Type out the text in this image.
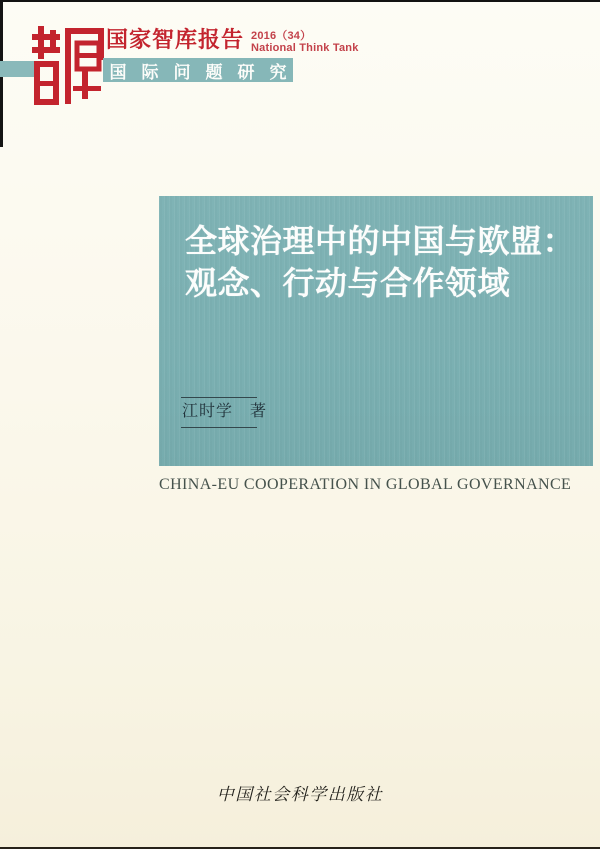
国家智库报告 2016（34）
National Think Tank
国际问题研究
全球治理中的中国与欧盟：
观念、行动与合作领域
江时学　著
CHINA-EU COOPERATION IN GLOBAL GOVERNANCE
中国社会科学出版社
